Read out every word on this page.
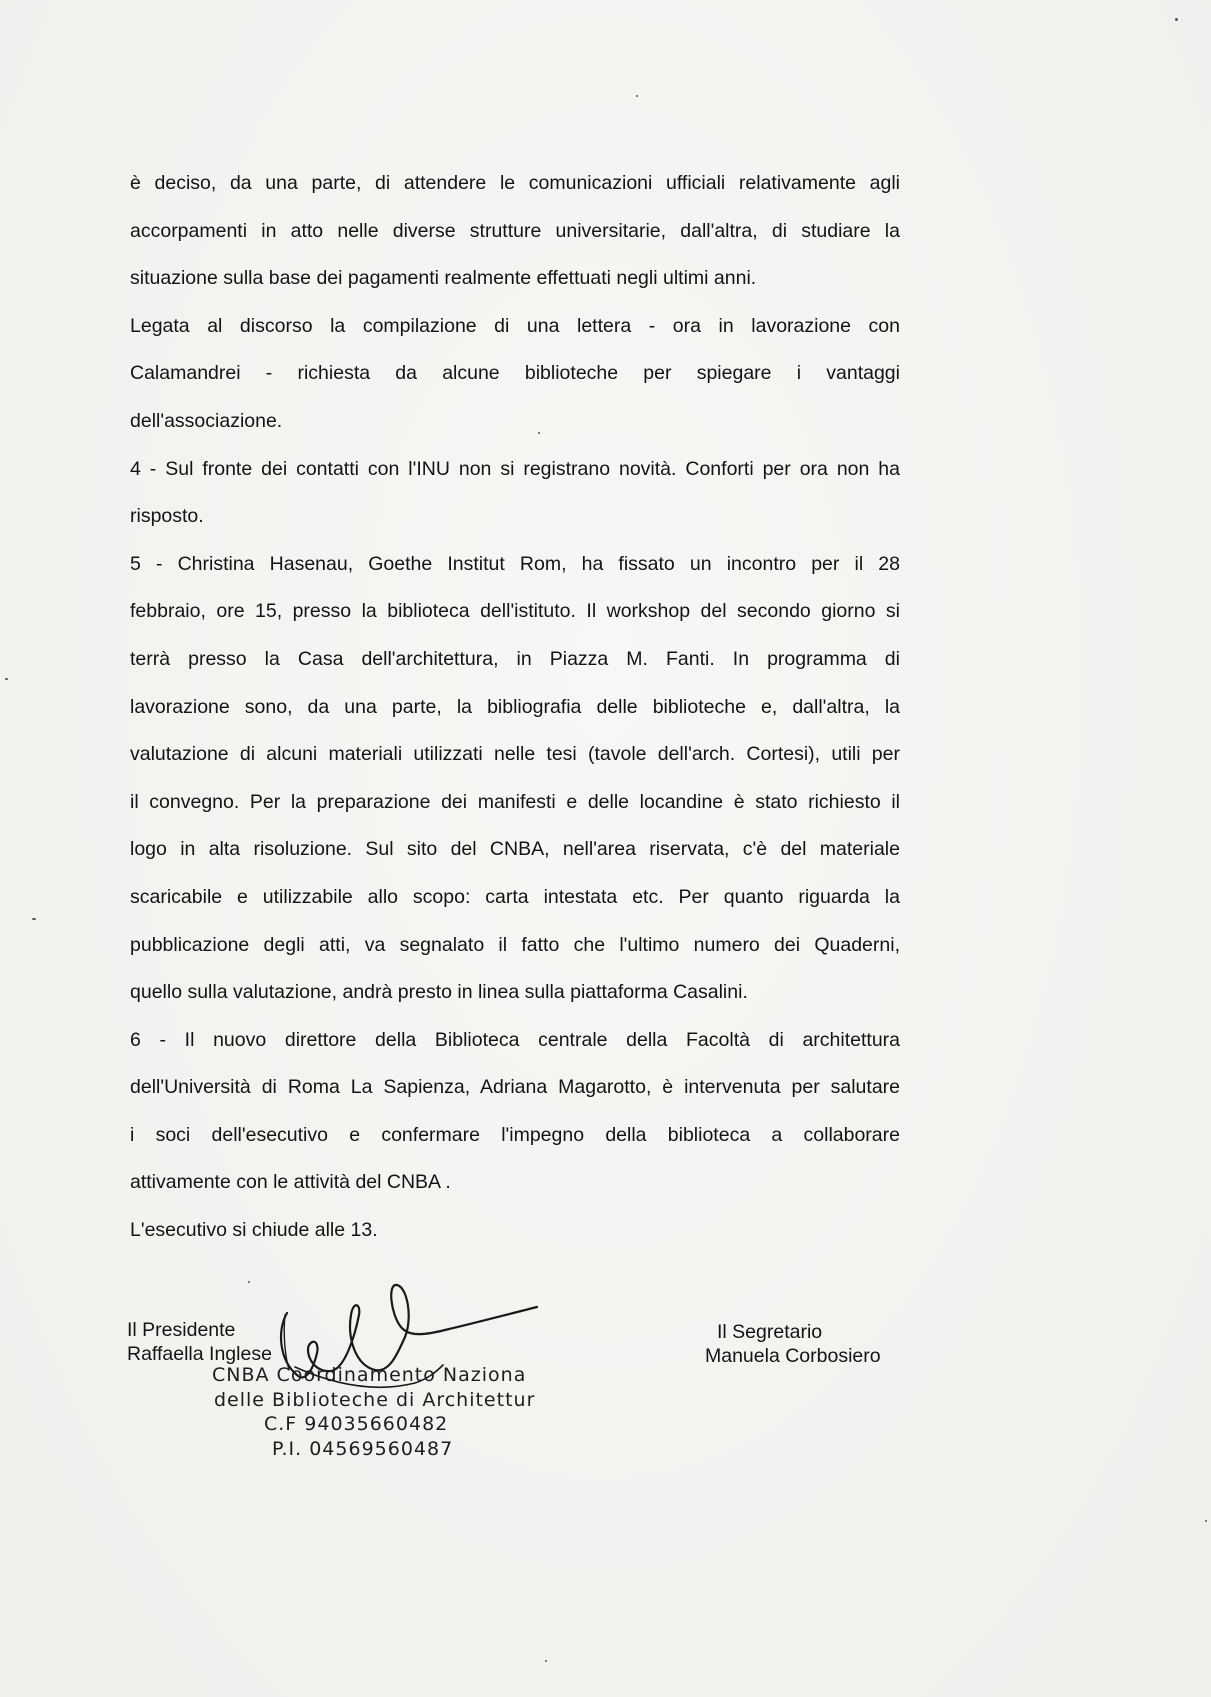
è deciso, da una parte, di attendere le comunicazioni ufficiali relativamente agli
accorpamenti in atto nelle diverse strutture universitarie, dall'altra, di studiare la
situazione sulla base dei pagamenti realmente effettuati negli ultimi anni.
Legata al discorso la compilazione di una lettera - ora in lavorazione con
Calamandrei - richiesta da alcune biblioteche per spiegare i vantaggi
dell'associazione.
4 - Sul fronte dei contatti con l'INU non si registrano novità. Conforti per ora non ha
risposto.
5 - Christina Hasenau, Goethe Institut Rom, ha fissato un incontro per il 28
febbraio, ore 15, presso la biblioteca dell'istituto. Il workshop del secondo giorno si
terrà presso la Casa dell'architettura, in Piazza M. Fanti. In programma di
lavorazione sono, da una parte, la bibliografia delle biblioteche e, dall'altra, la
valutazione di alcuni materiali utilizzati nelle tesi (tavole dell'arch. Cortesi), utili per
il convegno. Per la preparazione dei manifesti e delle locandine è stato richiesto il
logo in alta risoluzione. Sul sito del CNBA, nell'area riservata, c'è del materiale
scaricabile e utilizzabile allo scopo: carta intestata etc. Per quanto riguarda la
pubblicazione degli atti, va segnalato il fatto che l'ultimo numero dei Quaderni,
quello sulla valutazione, andrà presto in linea sulla piattaforma Casalini.
6 - Il nuovo direttore della Biblioteca centrale della Facoltà di architettura
dell'Università di Roma La Sapienza, Adriana Magarotto, è intervenuta per salutare
i soci dell'esecutivo e confermare l'impegno della biblioteca a collaborare
attivamente con le attività del CNBA .
L'esecutivo si chiude alle 13.
Il Presidente
Raffaella Inglese
Il Segretario
Manuela Corbosiero
CNBA Coordinamento Naziona
delle Biblioteche di Architettur
C.F 94035660482
P.I. 04569560487
